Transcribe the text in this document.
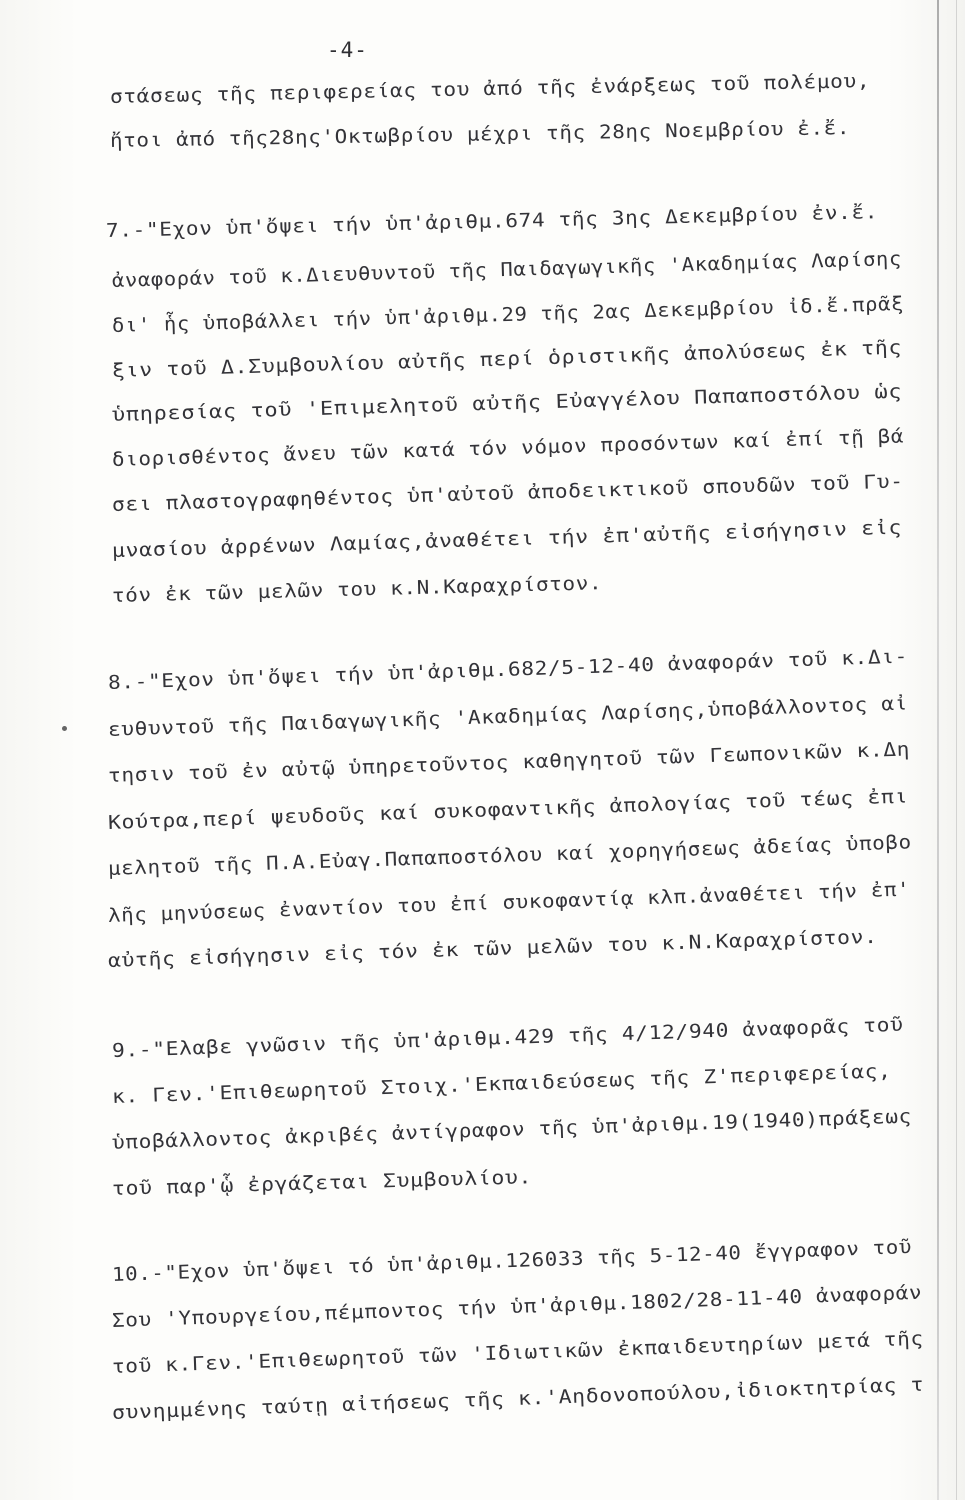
-4-
στάσεως τῆς περιφερείας του ἀπό τῆς ἐνάρξεως τοῦ πολέμου,
ἤτοι ἀπό τῆς28ης'Οκτωβρίου μέχρι τῆς 28ης Νοεμβρίου ἐ.ἔ.
7.-"Εχον ὑπ'ὄψει τήν ὑπ'ἀριθμ.674 τῆς 3ης Δεκεμβρίου ἐν.ἔ.
ἀναφοράν τοῦ κ.Διευθυντοῦ τῆς Παιδαγωγικῆς 'Ακαδημίας Λαρίσης
δι' ἧς ὑποβάλλει τήν ὑπ'ἀριθμ.29 τῆς 2ας Δεκεμβρίου ἰδ.ἔ.πρᾶξ
ξιν τοῦ Δ.Συμβουλίου αὐτῆς περί ὁριστικῆς ἀπολύσεως ἐκ τῆς
ὑπηρεσίας τοῦ 'Επιμελητοῦ αὐτῆς Εὐαγγέλου Παπαποστόλου ὡς
διορισθέντος ἄνευ τῶν κατά τόν νόμον προσόντων καί ἐπί τῇ βά
σει πλαστογραφηθέντος ὑπ'αὐτοῦ ἀποδεικτικοῦ σπουδῶν τοῦ Γυ-
μνασίου ἀρρένων Λαμίας,ἀναθέτει τήν ἐπ'αὐτῆς εἰσήγησιν εἰς
τόν ἐκ τῶν μελῶν του κ.Ν.Καραχρίστον.
8.-"Εχον ὑπ'ὄψει τήν ὑπ'ἀριθμ.682/5-12-40 ἀναφοράν τοῦ κ.Δι-
ευθυντοῦ τῆς Παιδαγωγικῆς 'Ακαδημίας Λαρίσης,ὑποβάλλοντος αἰ
τησιν τοῦ ἐν αὐτῷ ὑπηρετοῦντος καθηγητοῦ τῶν Γεωπονικῶν κ.Δη
Κούτρα,περί ψευδοῦς καί συκοφαντικῆς ἀπολογίας τοῦ τέως ἐπι
μελητοῦ τῆς Π.Α.Εὐαγ.Παπαποστόλου καί χορηγήσεως ἀδείας ὑποβο
λῆς μηνύσεως ἐναντίον του ἐπί συκοφαντίᾳ κλπ.ἀναθέτει τήν ἐπ'
αὐτῆς εἰσήγησιν εἰς τόν ἐκ τῶν μελῶν του κ.Ν.Καραχρίστον.
9.-"Ελαβε γνῶσιν τῆς ὑπ'ἀριθμ.429 τῆς 4/12/940 ἀναφορᾶς τοῦ
κ. Γεν.'Επιθεωρητοῦ Στοιχ.'Εκπαιδεύσεως τῆς Ζ'περιφερείας,
ὑποβάλλοντος ἀκριβές ἀντίγραφον τῆς ὑπ'ἀριθμ.19(1940)πράξεως
τοῦ παρ'ᾧ ἐργάζεται Συμβουλίου.
10.-"Εχον ὑπ'ὄψει τό ὑπ'ἀριθμ.126033 τῆς 5-12-40 ἔγγραφον τοῦ
Σου 'Υπουργείου,πέμποντος τήν ὑπ'ἀριθμ.1802/28-11-40 ἀναφοράν
τοῦ κ.Γεν.'Επιθεωρητοῦ τῶν 'Ιδιωτικῶν ἐκπαιδευτηρίων μετά τῆς
συνημμένης ταύτῃ αἰτήσεως τῆς κ.'Αηδονοπούλου,ἰδιοκτητρίας τ
